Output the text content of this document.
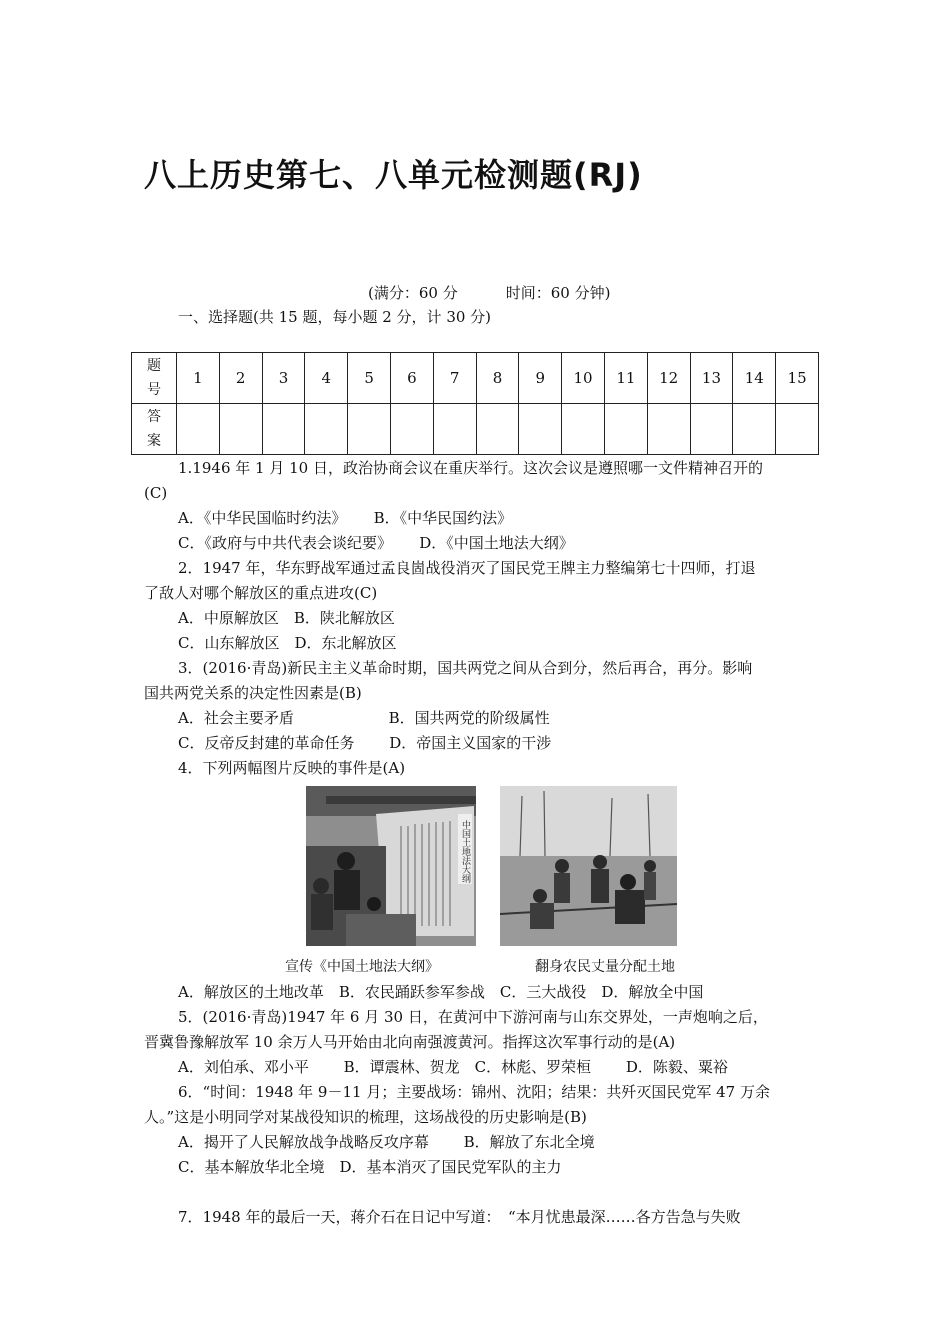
八上历史第七、八单元检测题(RJ)
(满分：60 分	时间：60 分钟)
一、选择题(共 15 题，每小题 2 分，计 30 分)
题号	1	2	3	4	5	6	7	8	9	10	11	12	13	14	15
答案															
1.1946 年 1 月 10 日，政治协商会议在重庆举行。这次会议是遵照哪一文件精神召开的
(C)
A．《中华民国临时约法》　　 B．《中华民国约法》
C．《政府与中共代表会谈纪要》　　 D．《中国土地法大纲》
2．1947 年，华东野战军通过孟良崮战役消灭了国民党王牌主力整编第七十四师，打退
了敌人对哪个解放区的重点进攻(C)
A．中原解放区　B．陕北解放区
C．山东解放区　D．东北解放区
3．(2016·青岛)新民主主义革命时期，国共两党之间从合到分，然后再合，再分。影响
国共两党关系的决定性因素是(B)
A．社会主要矛盾　　　　　　 B．国共两党的阶级属性
C．反帝反封建的革命任务　　 D．帝国主义国家的干涉
4．下列两幅图片反映的事件是(A)
中国土地法大纲
宣传《中国土地法大纲》	翻身农民丈量分配土地
A．解放区的土地改革　B．农民踊跃参军参战　C．三大战役　D．解放全中国
5．(2016·青岛)1947 年 6 月 30 日，在黄河中下游河南与山东交界处，一声炮响之后，
晋冀鲁豫解放军 10 余万人马开始由北向南强渡黄河。指挥这次军事行动的是(A)
A．刘伯承、邓小平　　 B．谭震林、贺龙　C．林彪、罗荣桓　　 D．陈毅、粟裕
6．“时间：1948 年 9－11 月；主要战场：锦州、沈阳；结果：共歼灭国民党军 47 万余
人。”这是小明同学对某战役知识的梳理，这场战役的历史影响是(B)
A．揭开了人民解放战争战略反攻序幕　　 B．解放了东北全境
C．基本解放华北全境　D．基本消灭了国民党军队的主力
7．1948 年的最后一天，蒋介石在日记中写道：　“本月忧患最深……各方告急与失败
